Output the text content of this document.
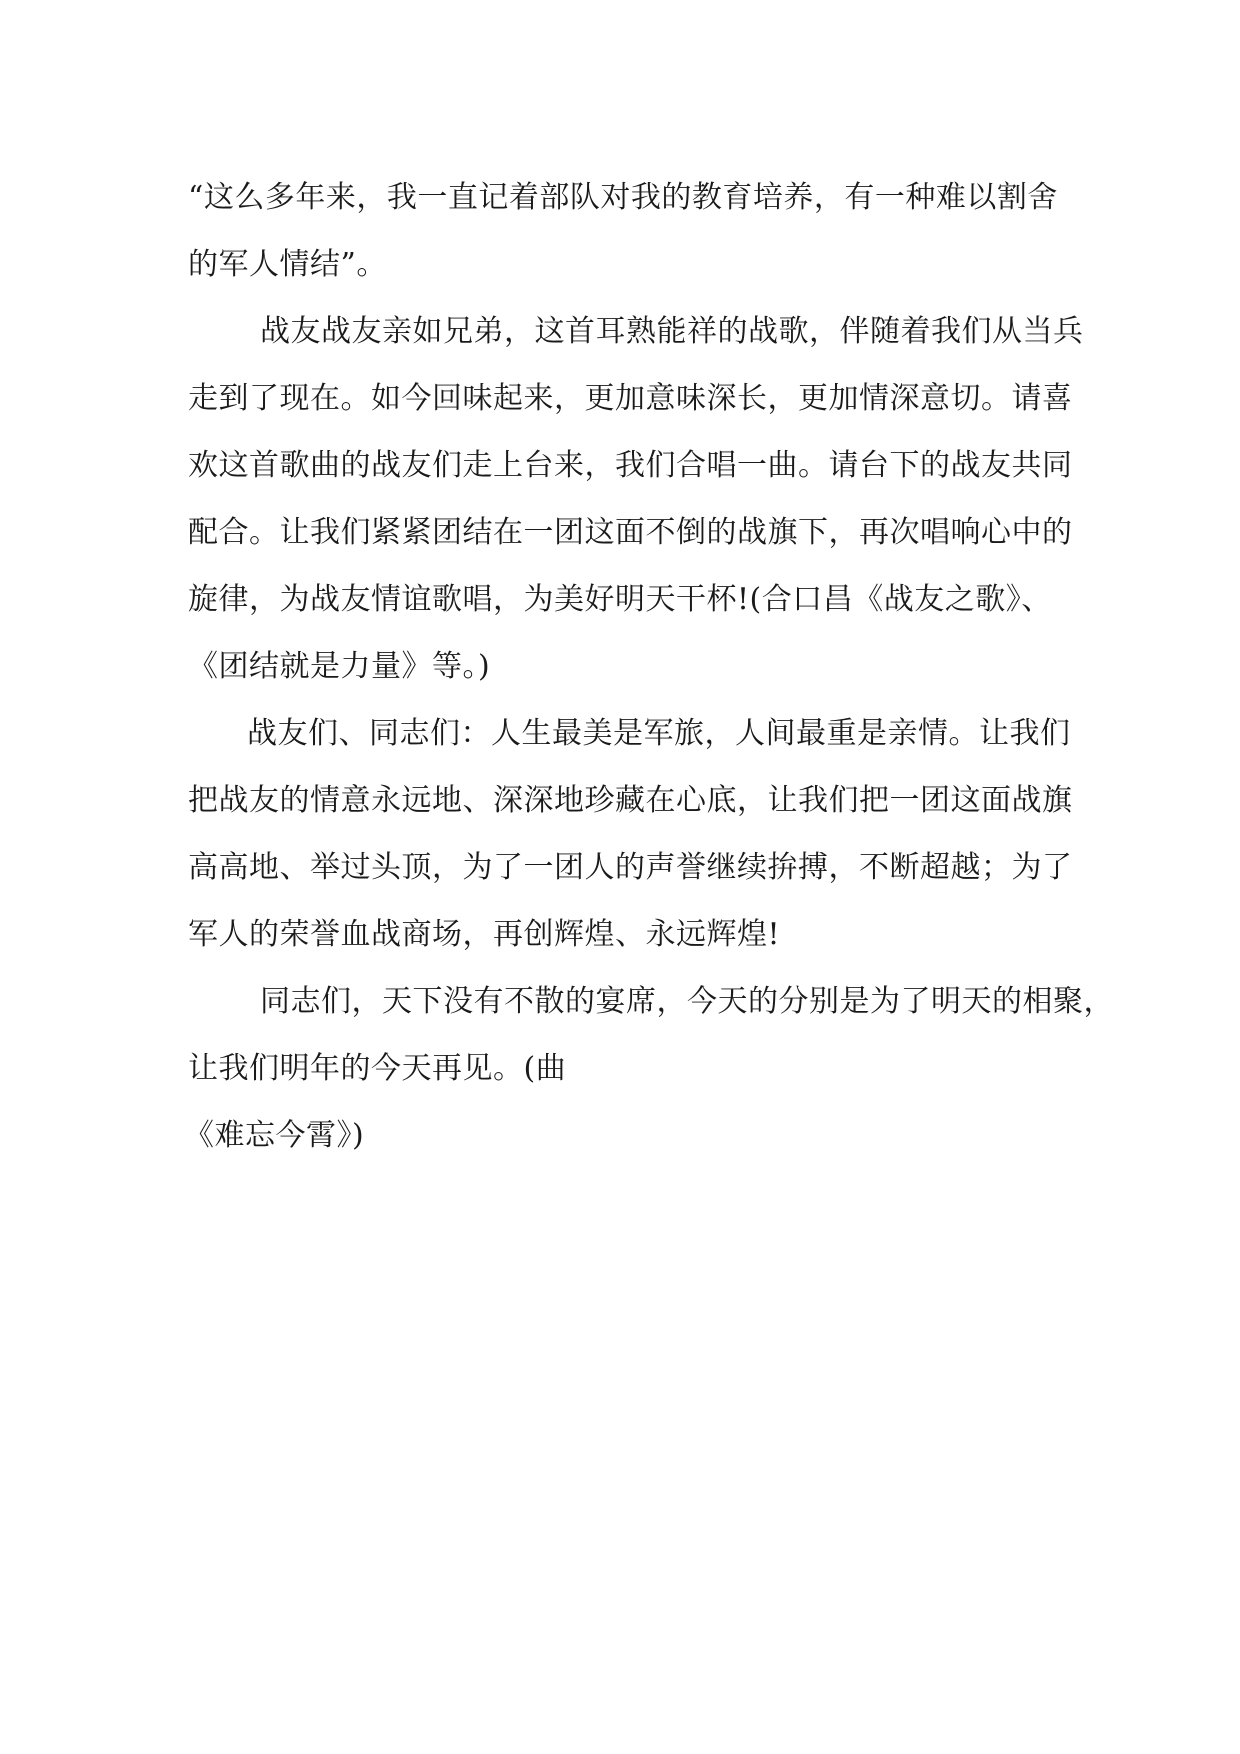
“这么多年来，我一直记着部队对我的教育培养，有一种难以割舍
的军人情结”。
战友战友亲如兄弟，这首耳熟能祥的战歌，伴随着我们从当兵
走到了现在。如今回味起来，更加意味深长，更加情深意切。请喜
欢这首歌曲的战友们走上台来，我们合唱一曲。请台下的战友共同
配合。让我们紧紧团结在一团这面不倒的战旗下，再次唱响心中的
旋律，为战友情谊歌唱，为美好明天干杯!(合口昌《战友之歌》、
《团结就是力量》等。)
战友们、同志们：人生最美是军旅，人间最重是亲情。让我们
把战友的情意永远地、深深地珍藏在心底，让我们把一团这面战旗
高高地、举过头顶，为了一团人的声誉继续拚搏，不断超越；为了
军人的荣誉血战商场，再创辉煌、永远辉煌!
同志们，天下没有不散的宴席，今天的分别是为了明天的相聚，
让我们明年的今天再见。(曲
《难忘今霄》)
